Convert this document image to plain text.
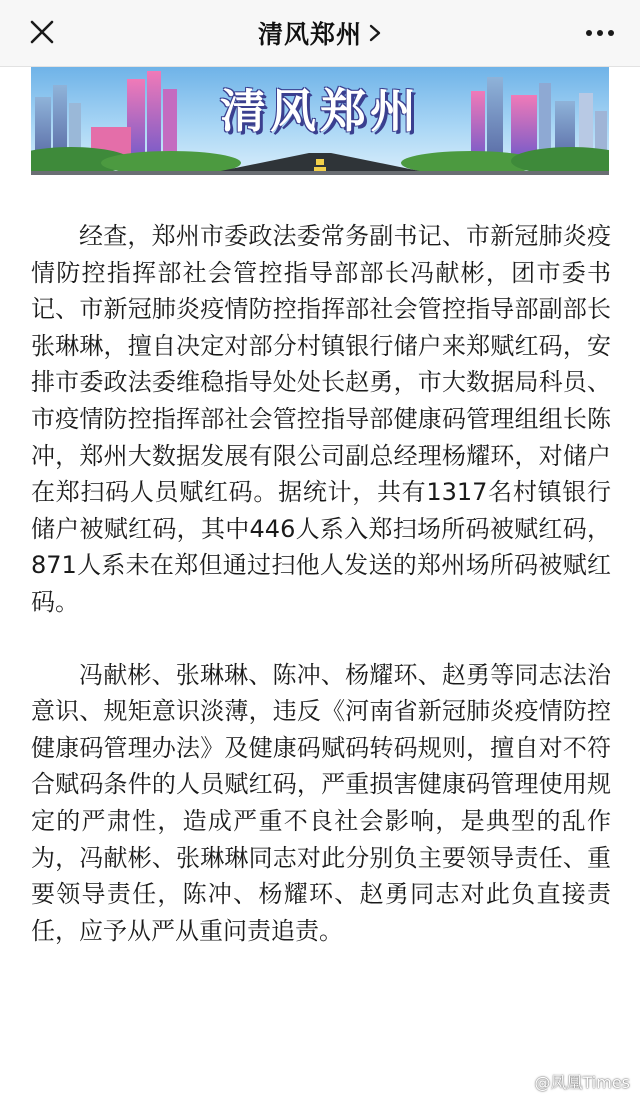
清风郑州
清风郑州

经查，郑州市委政法委常务副书记、市新冠肺炎疫情防控指挥部社会管控指导部部长冯献彬，团市委书记、市新冠肺炎疫情防控指挥部社会管控指导部副部长张琳琳，擅自决定对部分村镇银行储户来郑赋红码，安排市委政法委维稳指导处处长赵勇，市大数据局科员、市疫情防控指挥部社会管控指导部健康码管理组组长陈冲，郑州大数据发展有限公司副总经理杨耀环，对储户在郑扫码人员赋红码。据统计，共有1317名村镇银行储户被赋红码，其中446人系入郑扫场所码被赋红码，871人系未在郑但通过扫他人发送的郑州场所码被赋红码。

冯献彬、张琳琳、陈冲、杨耀环、赵勇等同志法治意识、规矩意识淡薄，违反《河南省新冠肺炎疫情防控健康码管理办法》及健康码赋码转码规则，擅自对不符合赋码条件的人员赋红码，严重损害健康码管理使用规定的严肃性，造成严重不良社会影响，是典型的乱作为，冯献彬、张琳琳同志对此分别负主要领导责任、重要领导责任，陈冲、杨耀环、赵勇同志对此负直接责任，应予从严从重问责追责。

@凤凰Times
